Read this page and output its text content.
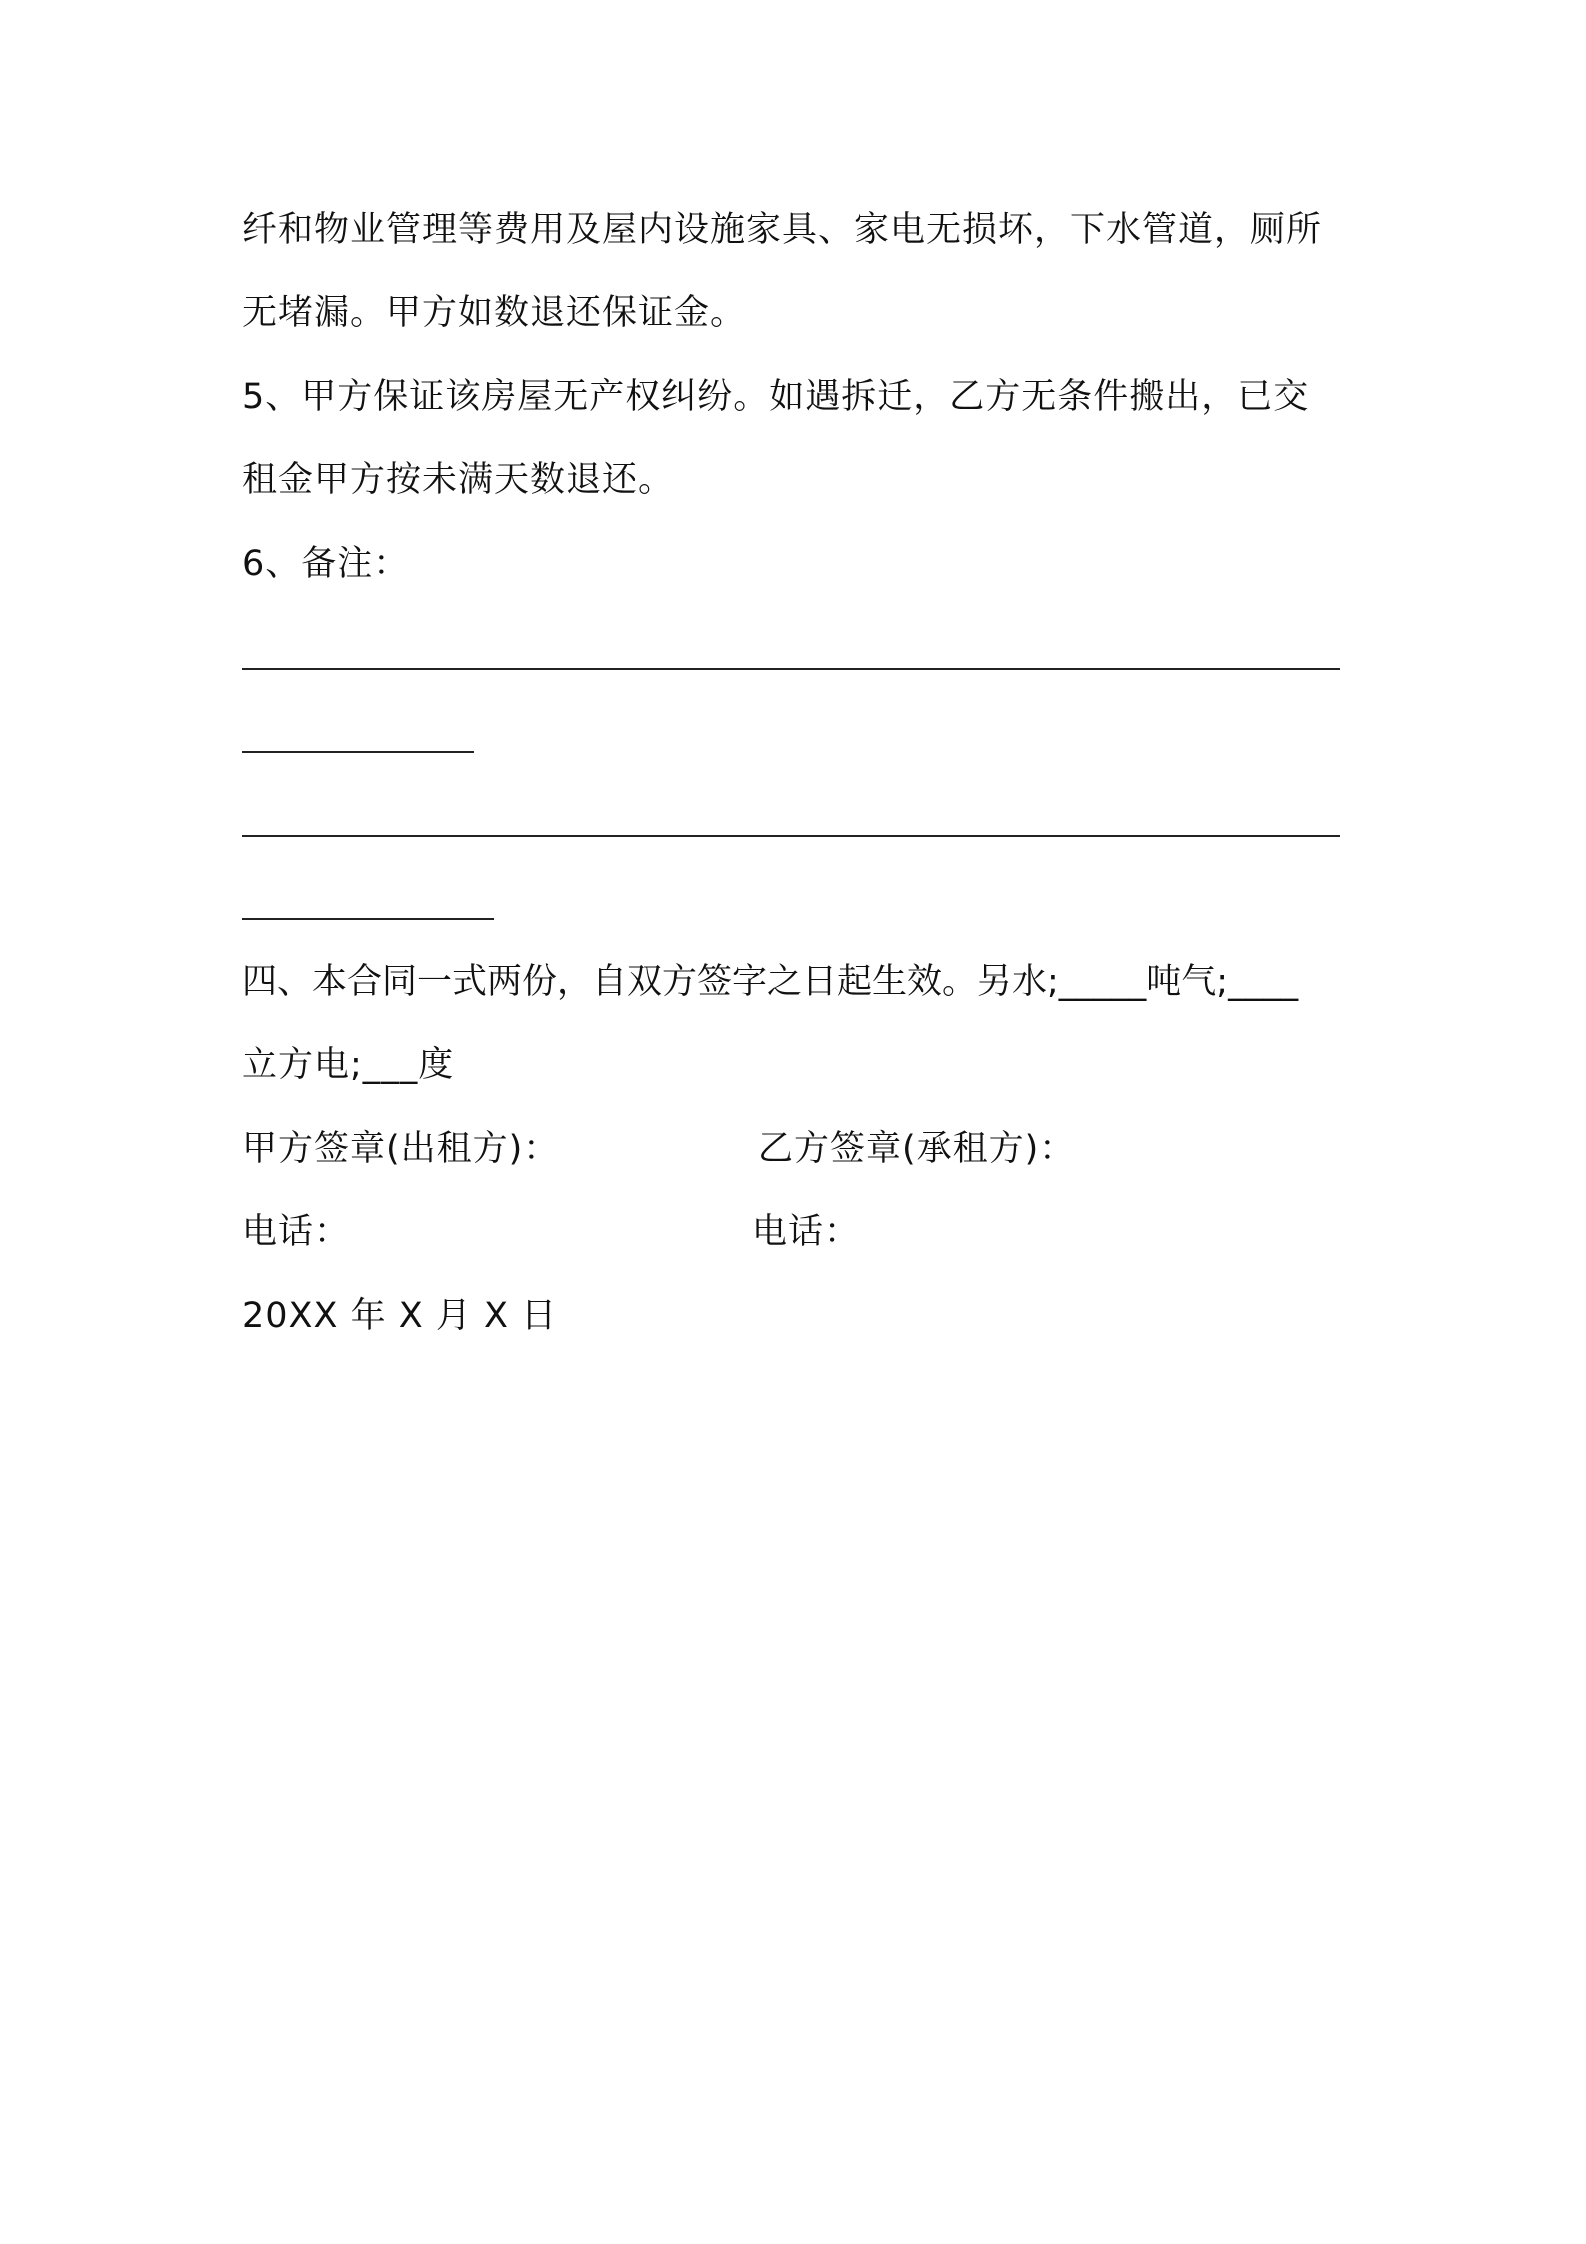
纤和物业管理等费用及屋内设施家具、家电无损坏，下水管道，厕所
无堵漏。甲方如数退还保证金。
5、甲方保证该房屋无产权纠纷。如遇拆迁，乙方无条件搬出，已交
租金甲方按未满天数退还。
6、备注：
四、本合同一式两份，自双方签字之日起生效。另水;_____吨气;____
立方电;___度
甲方签章(出租方)：	乙方签章(承租方)：
电话：	电话：
20XX 年 X 月 X 日
